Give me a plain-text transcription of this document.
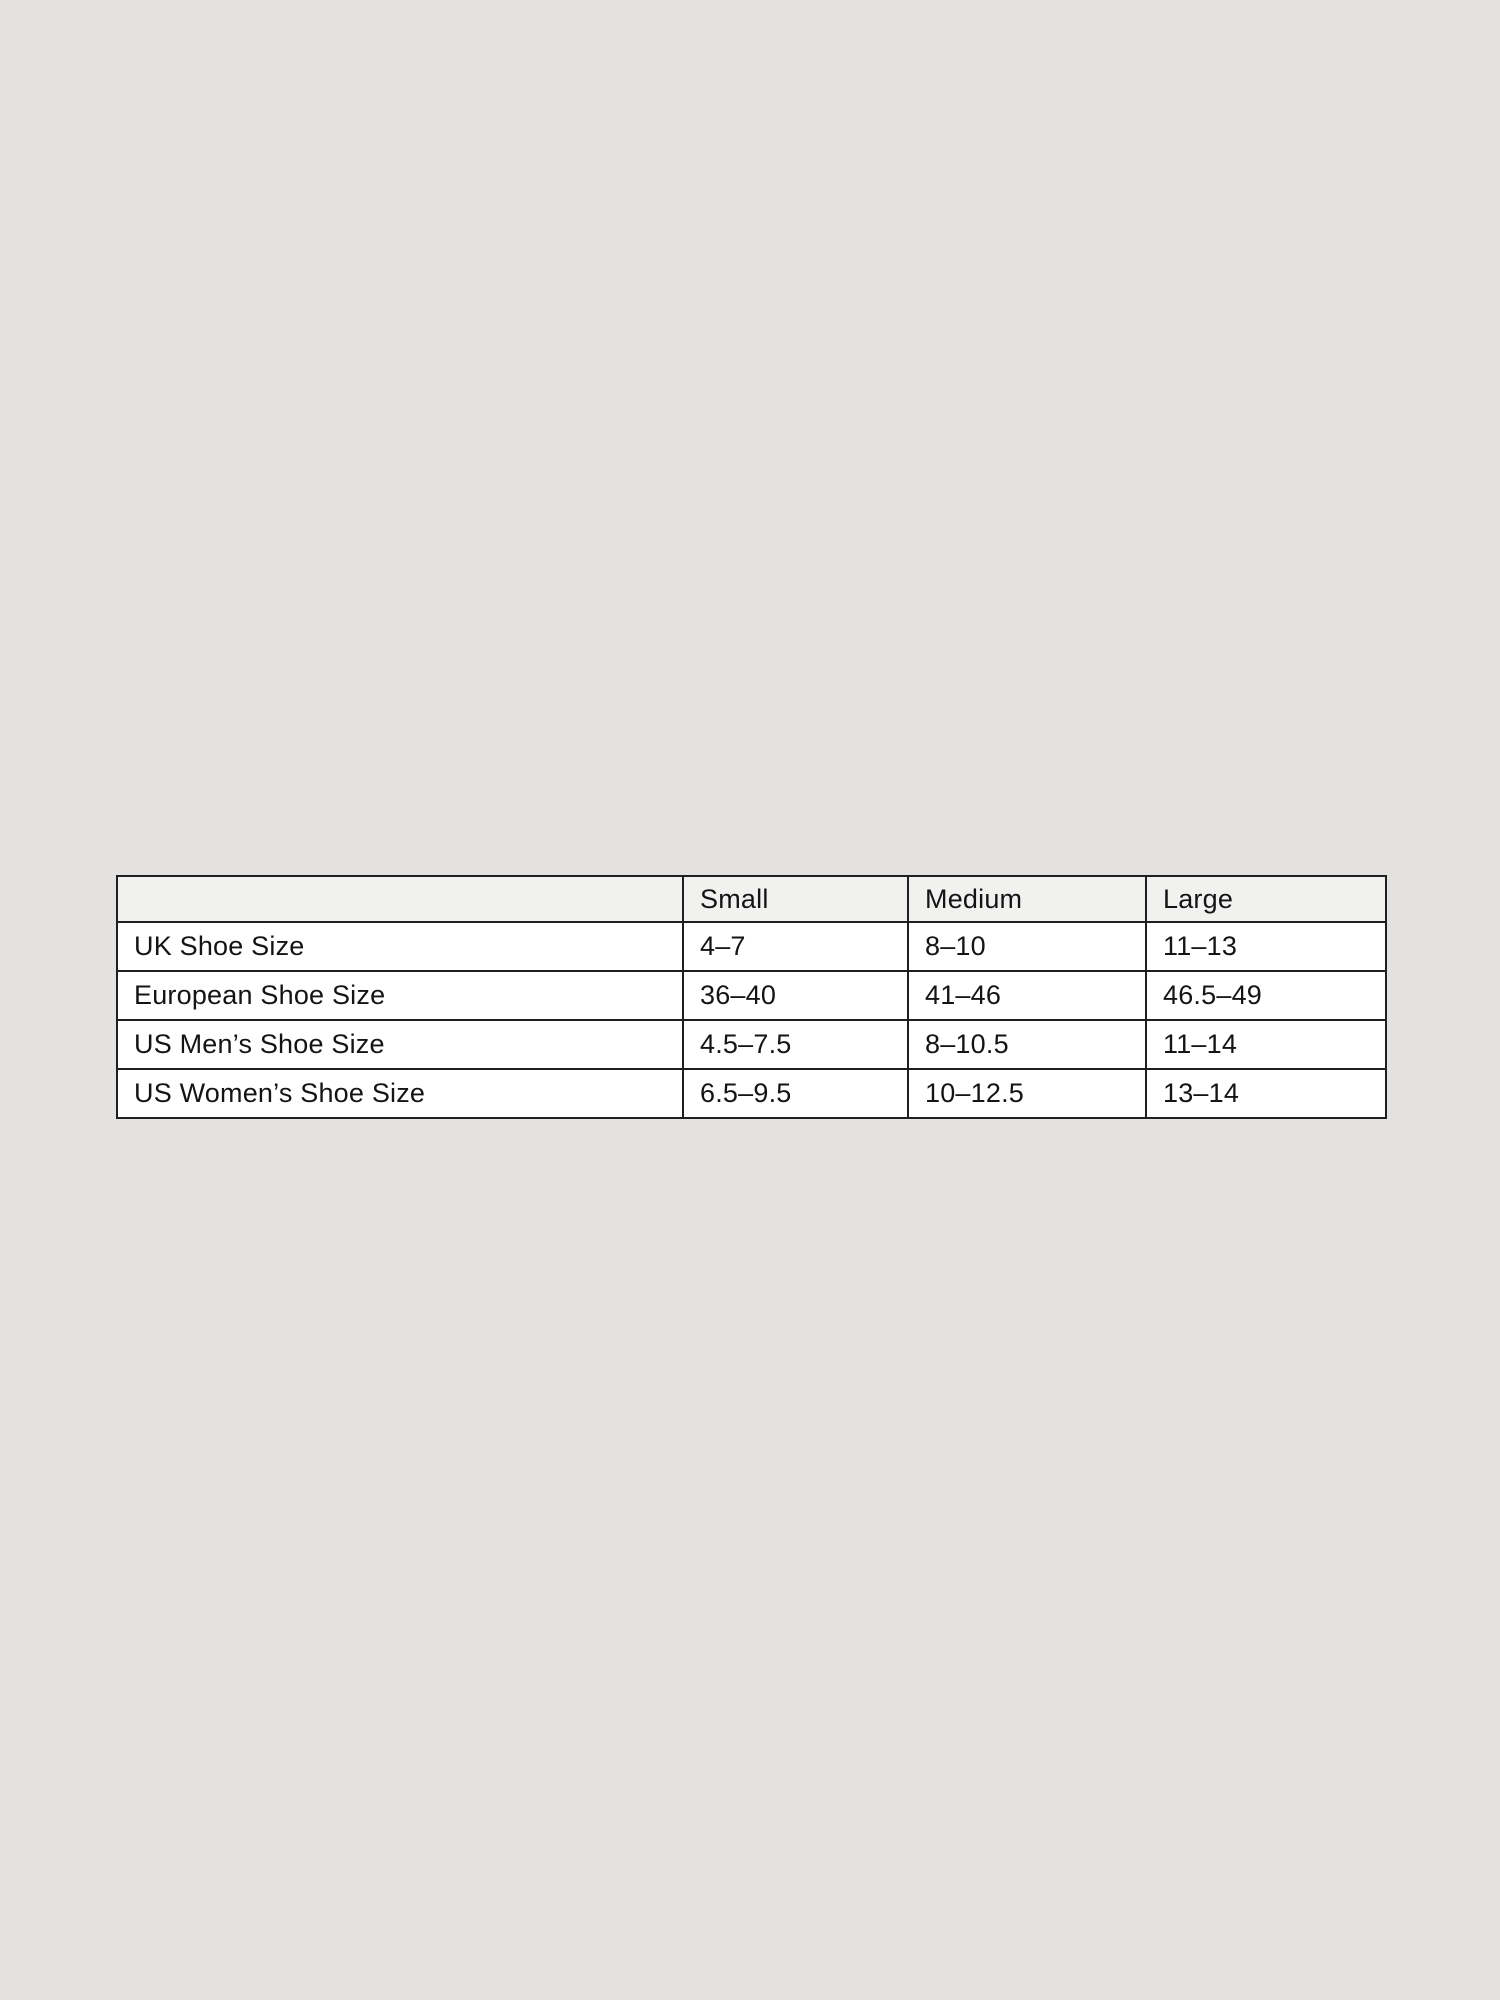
	Small	Medium	Large
UK Shoe Size	4–7	8–10	11–13
European Shoe Size	36–40	41–46	46.5–49
US Men’s Shoe Size	4.5–7.5	8–10.5	11–14
US Women’s Shoe Size	6.5–9.5	10–12.5	13–14
